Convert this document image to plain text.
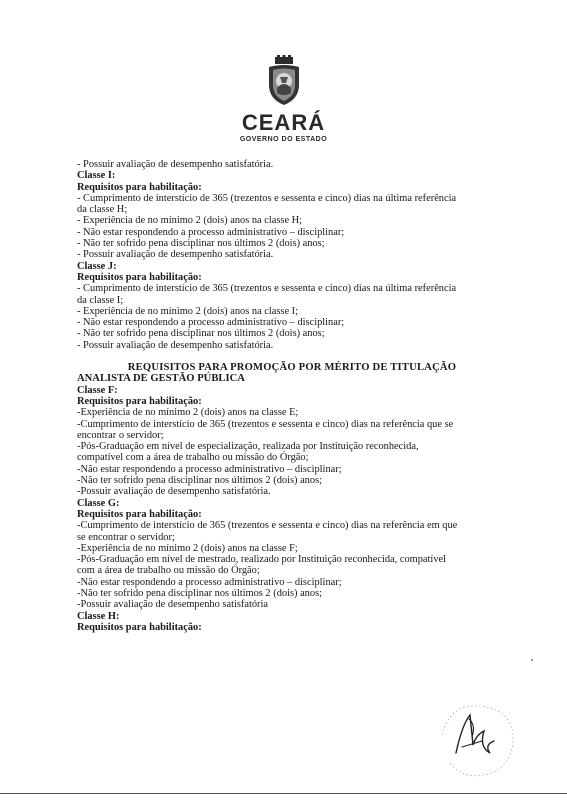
CEARÁ
GOVERNO DO ESTADO

- Possuir avaliação de desempenho satisfatória.

Classe I:

Requisitos para habilitação:

- Cumprimento de interstício de 365 (trezentos e sessenta e cinco) dias na última referência

da classe H;

- Experiência de no mínimo 2 (dois) anos na classe H;

- Não estar respondendo a processo administrativo – disciplinar;

- Não ter sofrido pena disciplinar nos últimos 2 (dois) anos;

- Possuir avaliação de desempenho satisfatória.

Classe J:

Requisitos para habilitação:

- Cumprimento de interstício de 365 (trezentos e sessenta e cinco) dias na última referência

da classe I;

- Experiência de no mínimo 2 (dois) anos na classe I;

- Não estar respondendo a processo administrativo – disciplinar;

- Não ter sofrido pena disciplinar nos últimos 2 (dois) anos;

- Possuir avaliação de desempenho satisfatória.

REQUISITOS PARA PROMOÇÃO POR MÉRITO DE TITULAÇÃO

ANALISTA DE GESTÃO PÚBLICA

Classe F:

Requisitos para habilitação:

-Experiência de no mínimo 2 (dois) anos na classe E;

-Cumprimento de interstício de 365 (trezentos e sessenta e cinco) dias na referência que se

encontrar o servidor;

-Pós-Graduação em nível de especialização, realizada por Instituição reconhecida,

compatível com a área de trabalho ou missão do Órgão;

-Não estar respondendo a processo administrativo – disciplinar;

-Não ter sofrido pena disciplinar nos últimos 2 (dois) anos;

-Possuir avaliação de desempenho satisfatória.

Classe G:

Requisitos para habilitação:

-Cumprimento de interstício de 365 (trezentos e sessenta e cinco) dias na referência em que

se encontrar o servidor;

-Experiência de no mínimo 2 (dois) anos na classe F;

-Pós-Graduação em nível de mestrado, realizado por Instituição reconhecida, compatível

com a área de trabalho ou missão do Órgão;

-Não estar respondendo a processo administrativo – disciplinar;

-Não ter sofrido pena disciplinar nos últimos 2 (dois) anos;

-Possuir avaliação de desempenho satisfatória

Classe H:

Requisitos para habilitação:
